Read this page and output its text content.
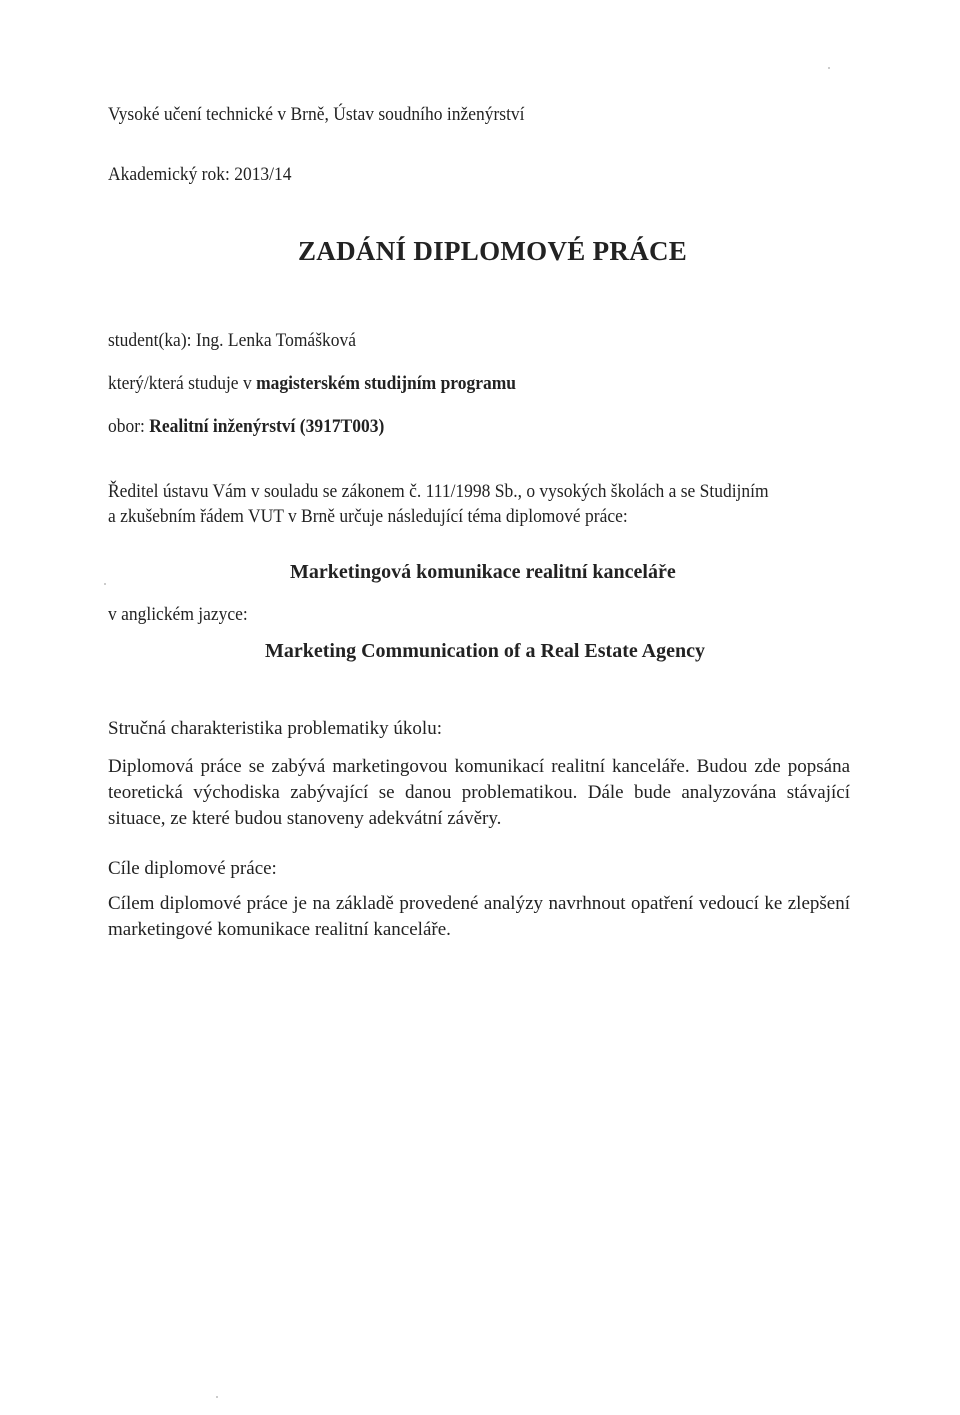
Vysoké učení technické v Brně, Ústav soudního inženýrství
Akademický rok: 2013/14
ZADÁNÍ DIPLOMOVÉ PRÁCE
student(ka): Ing. Lenka Tomášková
který/která studuje v magisterském studijním programu
obor: Realitní inženýrství (3917T003)
Ředitel ústavu Vám v souladu se zákonem č. 111/1998 Sb., o vysokých školách a se Studijním
a zkušebním řádem VUT v Brně určuje následující téma diplomové práce:
Marketingová komunikace realitní kanceláře
v anglickém jazyce:
Marketing Communication of a Real Estate Agency
Stručná charakteristika problematiky úkolu:
Diplomová práce se zabývá marketingovou komunikací realitní kanceláře. Budou zde popsána teoretická východiska zabývající se danou problematikou. Dále bude analyzována stávající situace, ze které budou stanoveny adekvátní závěry.
Cíle diplomové práce:
Cílem diplomové práce je na základě provedené analýzy navrhnout opatření vedoucí ke zlepšení marketingové komunikace realitní kanceláře.
